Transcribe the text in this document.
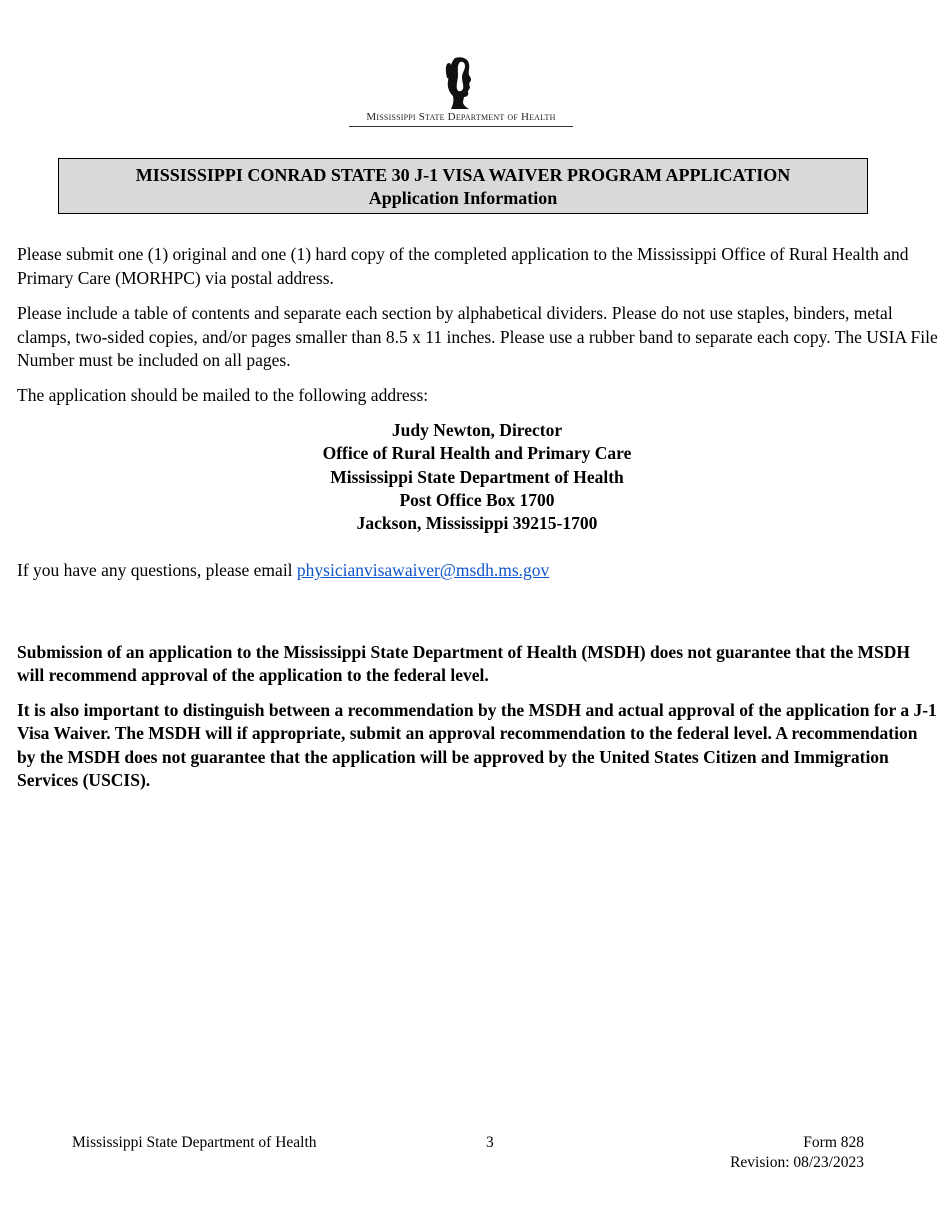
Mississippi State Department of Health
MISSISSIPPI CONRAD STATE 30 J-1 VISA WAIVER PROGRAM APPLICATION
Application Information

Please submit one (1) original and one (1) hard copy of the completed application to the Mississippi Office of Rural Health and Primary Care (MORHPC) via postal address.

Please include a table of contents and separate each section by alphabetical dividers. Please do not use staples, binders, metal clamps, two-sided copies, and/or pages smaller than 8.5 x 11 inches. Please use a rubber band to separate each copy. The USIA File Number must be included on all pages.

The application should be mailed to the following address:

Judy Newton, Director
Office of Rural Health and Primary Care
Mississippi State Department of Health
Post Office Box 1700
Jackson, Mississippi 39215-1700

If you have any questions, please email physicianvisawaiver@msdh.ms.gov

Submission of an application to the Mississippi State Department of Health (MSDH) does not guarantee that the MSDH will recommend approval of the application to the federal level.

It is also important to distinguish between a recommendation by the MSDH and actual approval of the application for a J-1 Visa Waiver. The MSDH will if appropriate, submit an approval recommendation to the federal level. A recommendation by the MSDH does not guarantee that the application will be approved by the United States Citizen and Immigration Services (USCIS).

Mississippi State Department of Health	3	Form 828
Revision: 08/23/2023
